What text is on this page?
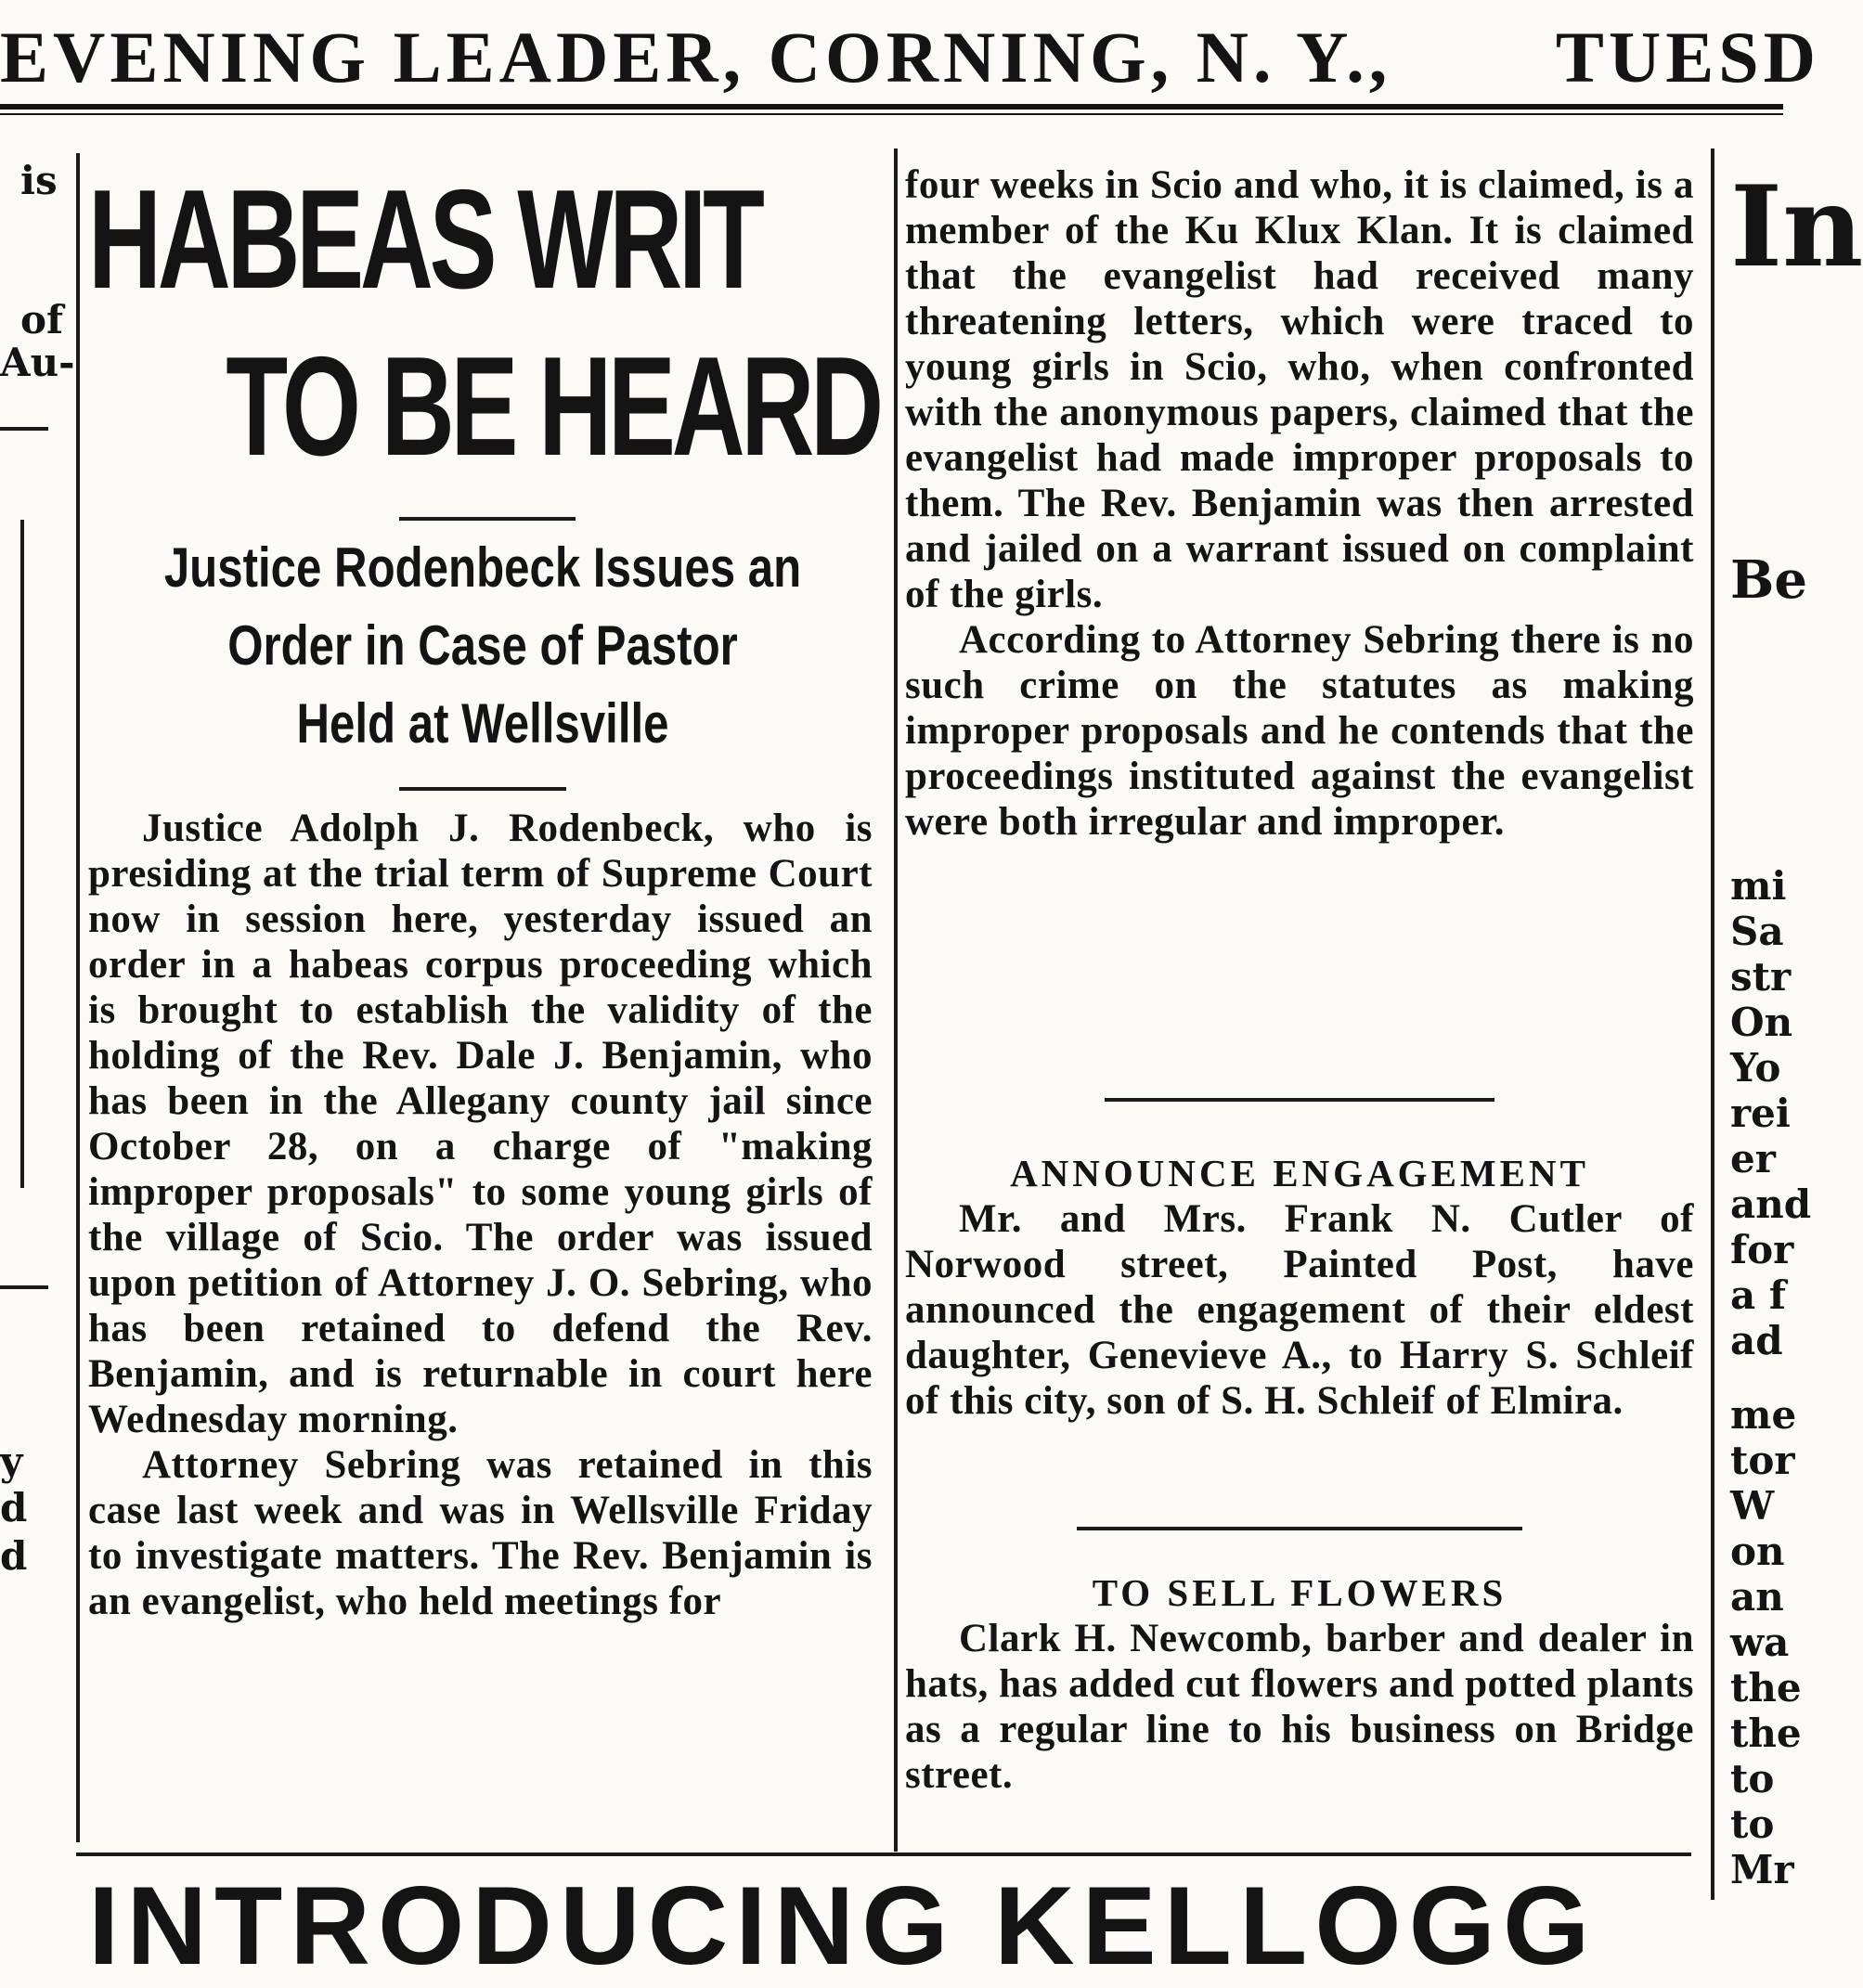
EVENING LEADER, CORNING, N. Y., TUESD
is
of
Au-
y
d
d
In
Be
mi
Sa
str
On
Yo
rei
er
and
for
a f
ad
me
tor
W
on
an
wa
the
the
to
to
Mr
HABEAS WRIT
TO BE HEARD
Justice Rodenbeck Issues an
Order in Case of Pastor
Held at Wellsville

Justice Adolph J. Rodenbeck, who is presiding at the trial term of Supreme Court now in session here, yesterday issued an order in a habeas corpus proceeding which is brought to establish the validity of the holding of the Rev. Dale J. Benjamin, who has been in the Allegany county jail since October 28, on a charge of "making improper proposals" to some young girls of the village of Scio. The order was issued upon petition of Attorney J. O. Sebring, who has been retained to defend the Rev. Benjamin, and is returnable in court here Wednesday morning.

Attorney Sebring was retained in this case last week and was in Wellsville Friday to investigate matters. The Rev. Benjamin is an evangelist, who held meetings for

four weeks in Scio and who, it is claimed, is a member of the Ku Klux Klan. It is claimed that the evangelist had received many threatening letters, which were traced to young girls in Scio, who, when confronted with the anonymous papers, claimed that the evangelist had made improper proposals to them. The Rev. Benjamin was then arrested and jailed on a warrant issued on complaint of the girls.

According to Attorney Sebring there is no such crime on the statutes as making improper proposals and he contends that the proceedings instituted against the evangelist were both irregular and improper.

ANNOUNCE ENGAGEMENT

Mr. and Mrs. Frank N. Cutler of Norwood street, Painted Post, have announced the engagement of their eldest daughter, Genevieve A., to Harry S. Schleif of this city, son of S. H. Schleif of Elmira.

TO SELL FLOWERS

Clark H. Newcomb, barber and dealer in hats, has added cut flowers and potted plants as a regular line to his business on Bridge street.

INTRODUCING KELLOGG
